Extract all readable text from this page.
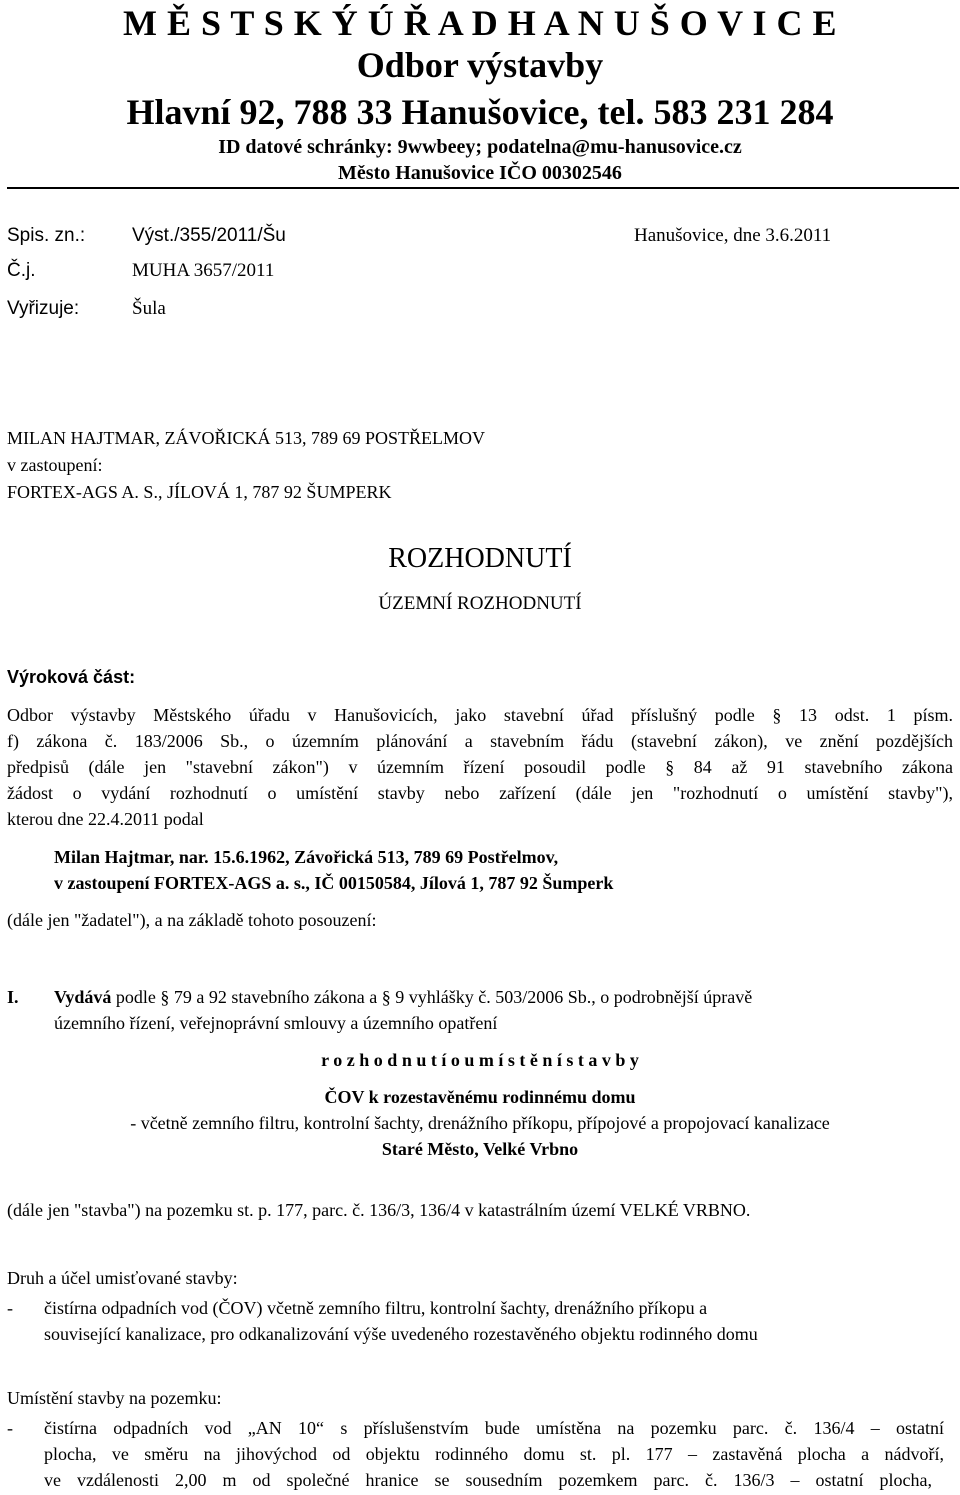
M Ě S T S K Ý Ú Ř A D H A N U Š O V I C E
Odbor výstavby
Hlavní 92, 788 33 Hanušovice, tel. 583 231 284
ID datové schránky: 9wwbeey; podatelna@mu-hanusovice.cz
Město Hanušovice IČO 00302546
Spis. zn.: Výst./355/2011/Šu	Hanušovice, dne 3.6.2011
Č.j.	MUHA 3657/2011
Vyřizuje:	Šula
MILAN HAJTMAR, ZÁVOŘICKÁ 513, 789 69 POSTŘELMOV
v zastoupení:
FORTEX-AGS A. S., JÍLOVÁ 1, 787 92 ŠUMPERK
ROZHODNUTÍ
ÚZEMNÍ ROZHODNUTÍ
Výroková část:
Odbor výstavby Městského úřadu v Hanušovicích, jako stavební úřad příslušný podle § 13 odst. 1 písm.
f) zákona č. 183/2006 Sb., o územním plánování a stavebním řádu (stavební zákon), ve znění pozdějších
předpisů (dále jen "stavební zákon") v územním řízení posoudil podle § 84 až 91 stavebního zákona
žádost o vydání rozhodnutí o umístění stavby nebo zařízení (dále jen "rozhodnutí o umístění stavby"),
kterou dne 22.4.2011 podal
Milan Hajtmar, nar. 15.6.1962, Závořická 513, 789 69 Postřelmov,
v zastoupení FORTEX-AGS a. s., IČ 00150584, Jílová 1, 787 92 Šumperk
(dále jen "žadatel"), a na základě tohoto posouzení:
I. Vydává podle § 79 a 92 stavebního zákona a § 9 vyhlášky č. 503/2006 Sb., o podrobnější úpravě
územního řízení, veřejnoprávní smlouvy a územního opatření
r o z h o d n u t í o u m í s t ě n í s t a v b y
ČOV k rozestavěnému rodinnému domu
- včetně zemního filtru, kontrolní šachty, drenážního příkopu, přípojové a propojovací kanalizace
Staré Město, Velké Vrbno
(dále jen "stavba") na pozemku st. p. 177, parc. č. 136/3, 136/4 v katastrálním území VELKÉ VRBNO.
Druh a účel umisťované stavby:
- čistírna odpadních vod (ČOV) včetně zemního filtru, kontrolní šachty, drenážního příkopu a
související kanalizace, pro odkanalizování výše uvedeného rozestavěného objektu rodinného domu
Umístění stavby na pozemku:
- čistírna odpadních vod „AN 10“ s příslušenstvím bude umístěna na pozemku parc. č. 136/4 – ostatní
plocha, ve směru na jihovýchod od objektu rodinného domu st. pl. 177 – zastavěná plocha a nádvoří,
ve vzdálenosti 2,00 m od společné hranice se sousedním pozemkem parc. č. 136/3 – ostatní plocha,
